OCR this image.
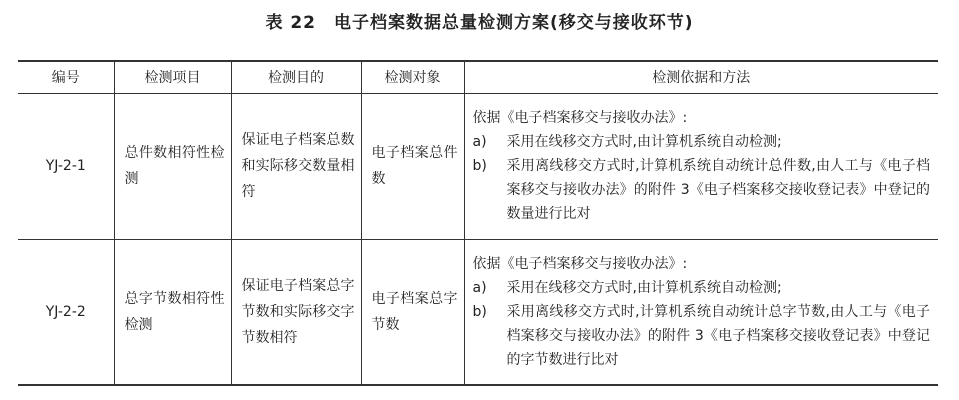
表 22　电子档案数据总量检测方案(移交与接收环节)
编号	检测项目	检测目的	检测对象	检测依据和方法
YJ-2-1	总件数相符性检测	保证电子档案总数和实际移交数量相符	电子档案总件数	依据《电子档案移交与接收办法》:
a) 采用在线移交方式时,由计算机系统自动检测;
b) 采用离线移交方式时,计算机系统自动统计总件数,由人工与《电子档案移交与接收办法》的附件 3《电子档案移交接收登记表》中登记的数量进行比对

YJ-2-2	总字节数相符性检测	保证电子档案总字节数和实际移交字节数相符	电子档案总字节数	依据《电子档案移交与接收办法》:
a) 采用在线移交方式时,由计算机系统自动检测;
b) 采用离线移交方式时,计算机系统自动统计总字节数,由人工与《电子档案移交与接收办法》的附件 3《电子档案移交接收登记表》中登记的字节数进行比对
